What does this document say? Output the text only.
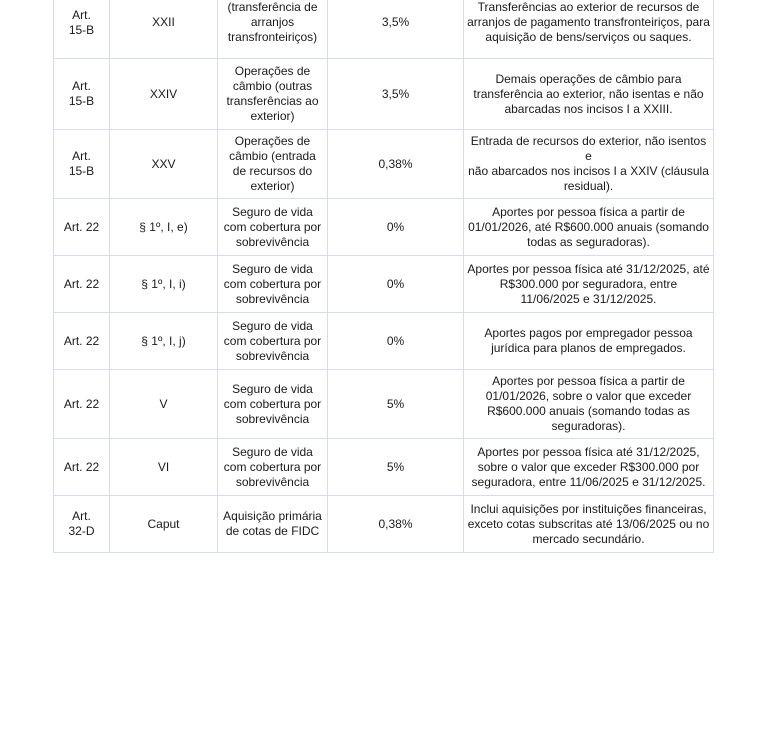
Art.
15-B	XXII	(transferência de
arranjos
transfronteiriços)	3,5%	Transferências ao exterior de recursos de
arranjos de pagamento transfronteiriços, para
aquisição de bens/serviços ou saques.
Art.
15-B	XXIV	Operações de
câmbio (outras
transferências ao
exterior)	3,5%	Demais operações de câmbio para
transferência ao exterior, não isentas e não
abarcadas nos incisos I a XXIII.
Art.
15-B	XXV	Operações de
câmbio (entrada
de recursos do
exterior)	0,38%	Entrada de recursos do exterior, não isentos e
não abarcados nos incisos I a XXIV (cláusula
residual).
Art. 22	§ 1º, I, e)	Seguro de vida
com cobertura por
sobrevivência	0%	Aportes por pessoa física a partir de
01/01/2026, até R$600.000 anuais (somando
todas as seguradoras).
Art. 22	§ 1º, I, i)	Seguro de vida
com cobertura por
sobrevivência	0%	Aportes por pessoa física até 31/12/2025, até
R$300.000 por seguradora, entre
11/06/2025 e 31/12/2025.
Art. 22	§ 1º, I, j)	Seguro de vida
com cobertura por
sobrevivência	0%	Aportes pagos por empregador pessoa
jurídica para planos de empregados.
Art. 22	V	Seguro de vida
com cobertura por
sobrevivência	5%	Aportes por pessoa física a partir de
01/01/2026, sobre o valor que exceder
R$600.000 anuais (somando todas as
seguradoras).
Art. 22	VI	Seguro de vida
com cobertura por
sobrevivência	5%	Aportes por pessoa física até 31/12/2025,
sobre o valor que exceder R$300.000 por
seguradora, entre 11/06/2025 e 31/12/2025.
Art.
32-D	Caput	Aquisição primária
de cotas de FIDC	0,38%	Inclui aquisições por instituições financeiras,
exceto cotas subscritas até 13/06/2025 ou no
mercado secundário.
